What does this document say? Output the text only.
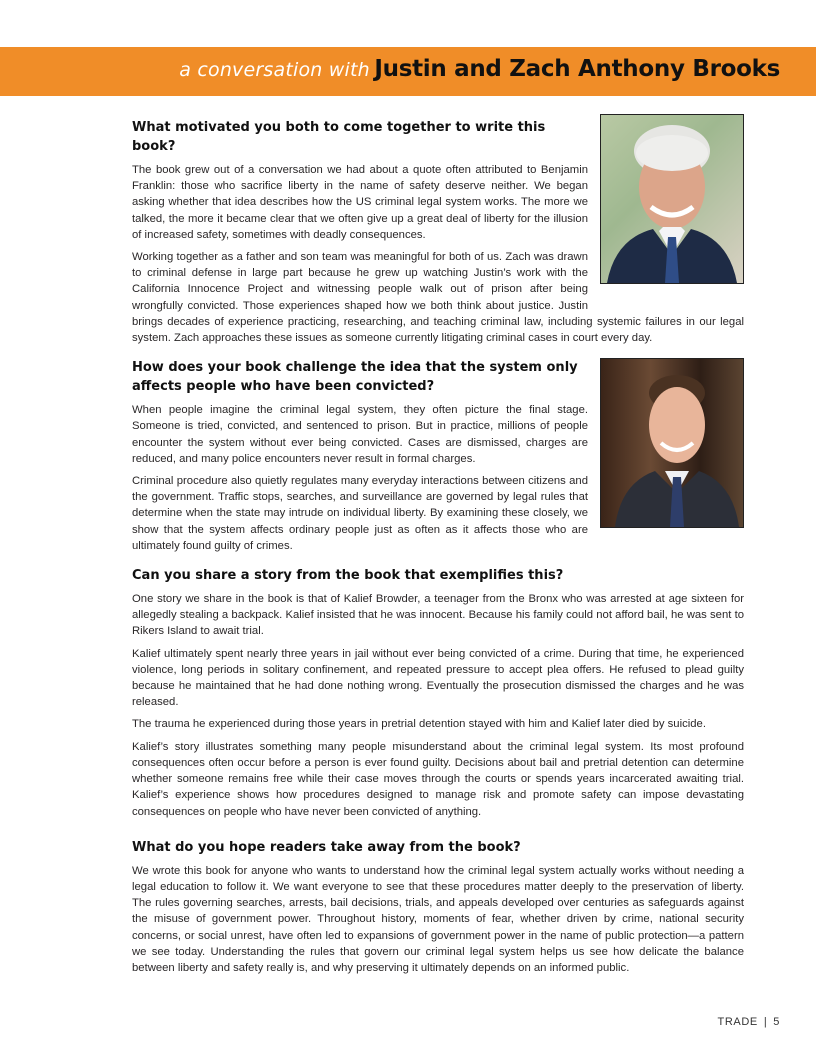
a conversation with Justin and Zach Anthony Brooks
What motivated you both to come together to write this book?

The book grew out of a conversation we had about a quote often attributed to Benjamin Franklin: those who sacrifice liberty in the name of safety deserve neither. We began asking whether that idea describes how the US criminal legal system works. The more we talked, the more it became clear that we often give up a great deal of liberty for the illusion of increased safety, sometimes with deadly consequences.

Working together as a father and son team was meaningful for both of us. Zach was drawn to criminal defense in large part because he grew up watching Justin’s work with the California Innocence Project and witnessing people walk out of prison after being wrongfully convicted. Those experiences shaped how we both think about justice. Justin brings decades of experience practicing, researching, and teaching criminal law, including systemic failures in our legal system. Zach approaches these issues as someone currently litigating criminal cases in court every day.

How does your book challenge the idea that the system only affects people who have been convicted?

When people imagine the criminal legal system, they often picture the final stage. Someone is tried, convicted, and sentenced to prison. But in practice, millions of people encounter the system without ever being convicted. Cases are dismissed, charges are reduced, and many police encounters never result in formal charges.

Criminal procedure also quietly regulates many everyday interactions between citizens and the government. Traffic stops, searches, and surveillance are governed by legal rules that determine when the state may intrude on individual liberty. By examining these closely, we show that the system affects ordinary people just as often as it affects those who are ultimately found guilty of crimes.

Can you share a story from the book that exemplifies this?

One story we share in the book is that of Kalief Browder, a teenager from the Bronx who was arrested at age sixteen for allegedly stealing a backpack. Kalief insisted that he was innocent. Because his family could not afford bail, he was sent to Rikers Island to await trial.

Kalief ultimately spent nearly three years in jail without ever being convicted of a crime. During that time, he experienced violence, long periods in solitary confinement, and repeated pressure to accept plea offers. He refused to plead guilty because he maintained that he had done nothing wrong. Eventually the prosecution dismissed the charges and he was released.

The trauma he experienced during those years in pretrial detention stayed with him and Kalief later died by suicide.

Kalief’s story illustrates something many people misunderstand about the criminal legal system. Its most profound consequences often occur before a person is ever found guilty. Decisions about bail and pretrial detention can determine whether someone remains free while their case moves through the courts or spends years incarcerated awaiting trial. Kalief’s experience shows how procedures designed to manage risk and promote safety can impose devastating consequences on people who have never been convicted of anything.

What do you hope readers take away from the book?

We wrote this book for anyone who wants to understand how the criminal legal system actually works without needing a legal education to follow it. We want everyone to see that these procedures matter deeply to the preservation of liberty. The rules governing searches, arrests, bail decisions, trials, and appeals developed over centuries as safeguards against the misuse of government power. Throughout history, moments of fear, whether driven by crime, national security concerns, or social unrest, have often led to expansions of government power in the name of public protection—a pattern we see today. Understanding the rules that govern our criminal legal system helps us see how delicate the balance between liberty and safety really is, and why preserving it ultimately depends on an informed public.

TRADE | 5
